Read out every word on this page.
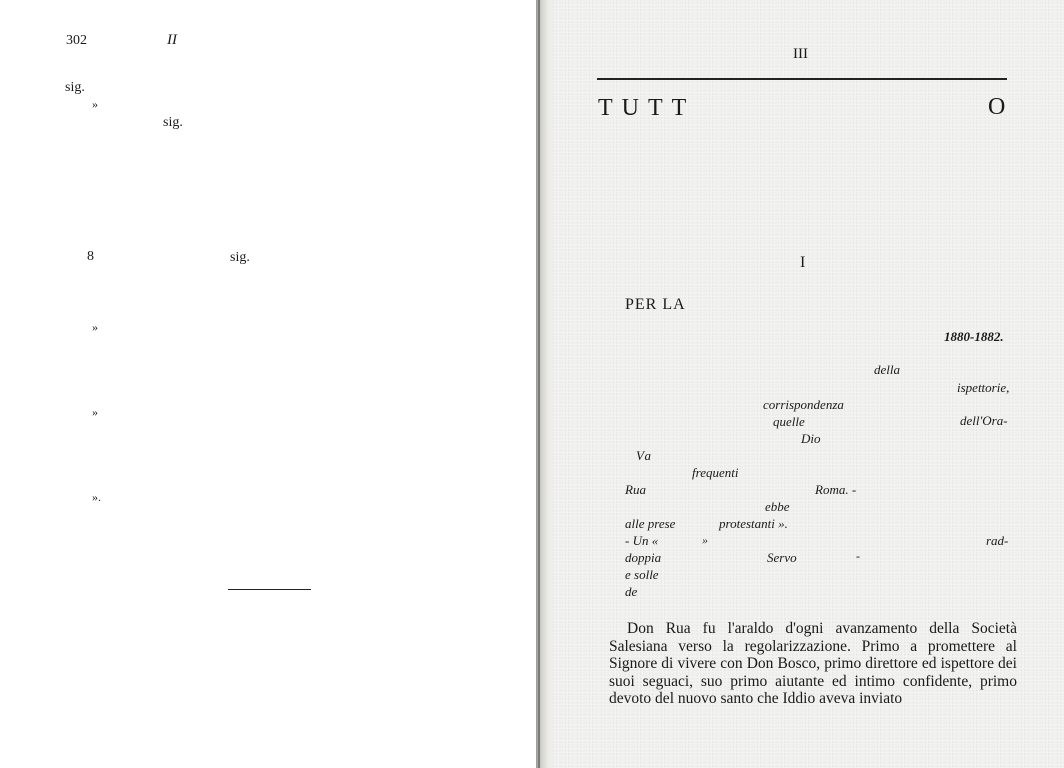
302	II
sig.
»
sig.
8	sig.
»
»
».
III
TUTT	O
I
PER LA
1880-1882.
della
ispettorie,
corrispondenza
quelle	dell'Ora-
Dio
Va
frequenti
Rua	Roma. -
ebbe
alle prese	protestanti ».
- Un «	»	rad-
doppia	Servo	-
e solle
de
Don Rua fu l'araldo d'ogni avanzamento della Società Salesiana verso la regolarizzazione. Primo a promettere al Signore di vivere con Don Bosco, primo direttore ed ispettore dei suoi seguaci, suo primo aiutante ed intimo confidente, primo devoto del nuovo santo che Iddio aveva inviato
